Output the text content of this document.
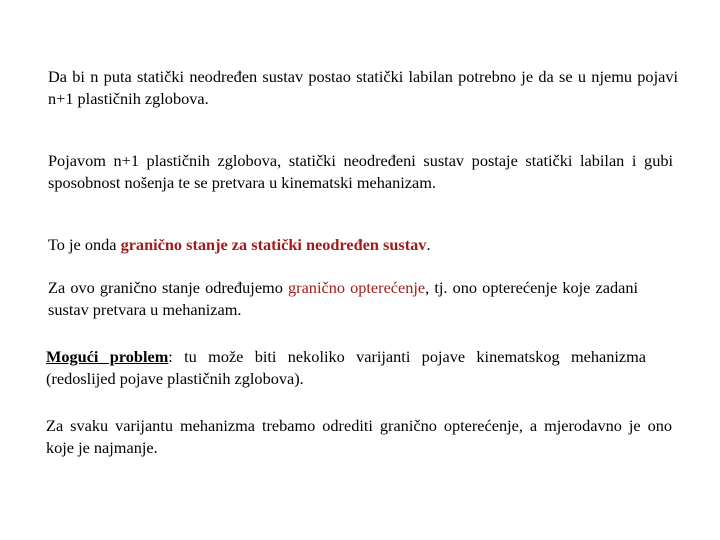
Da bi n puta statički neodređen sustav postao statički labilan potrebno je da se u njemu pojavi n+1 plastičnih zglobova.

Pojavom n+1 plastičnih zglobova, statički neodređeni sustav postaje statički labilan i gubi sposobnost nošenja te se pretvara u kinematski mehanizam.

To je onda granično stanje za statički neodređen sustav.

Za ovo granično stanje određujemo granično opterećenje, tj. ono opterećenje koje zadani sustav pretvara u mehanizam.

Mogući problem: tu može biti nekoliko varijanti pojave kinematskog mehanizma (redoslijed pojave plastičnih zglobova).

Za svaku varijantu mehanizma trebamo odrediti granično opterećenje, a mjerodavno je ono koje je najmanje.
